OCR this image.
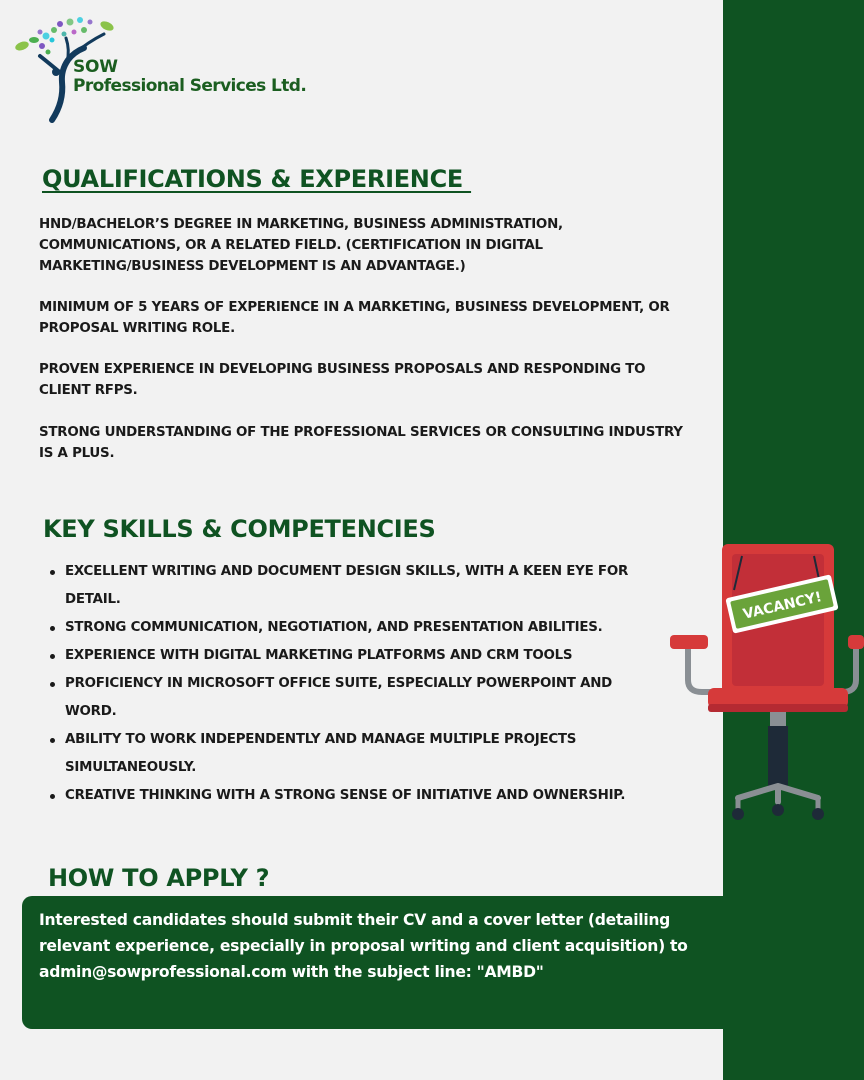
SOW
Professional Services Ltd.
QUALIFICATIONS & EXPERIENCE

HND/BACHELOR’S DEGREE IN MARKETING, BUSINESS ADMINISTRATION, COMMUNICATIONS, OR A RELATED FIELD. (CERTIFICATION IN DIGITAL MARKETING/BUSINESS DEVELOPMENT IS AN ADVANTAGE.)

MINIMUM OF 5 YEARS OF EXPERIENCE IN A MARKETING, BUSINESS DEVELOPMENT, OR PROPOSAL WRITING ROLE.

PROVEN EXPERIENCE IN DEVELOPING BUSINESS PROPOSALS AND RESPONDING TO CLIENT RFPS.

STRONG UNDERSTANDING OF THE PROFESSIONAL SERVICES OR CONSULTING INDUSTRY IS A PLUS.

KEY SKILLS & COMPETENCIES
EXCELLENT WRITING AND DOCUMENT DESIGN SKILLS, WITH A KEEN EYE FOR DETAIL.
STRONG COMMUNICATION, NEGOTIATION, AND PRESENTATION ABILITIES.
EXPERIENCE WITH DIGITAL MARKETING PLATFORMS AND CRM TOOLS
PROFICIENCY IN MICROSOFT OFFICE SUITE, ESPECIALLY POWERPOINT AND WORD.
ABILITY TO WORK INDEPENDENTLY AND MANAGE MULTIPLE PROJECTS SIMULTANEOUSLY.
CREATIVE THINKING WITH A STRONG SENSE OF INITIATIVE AND OWNERSHIP.
HOW TO APPLY ?

Interested candidates should submit their CV and a cover letter (detailing relevant experience, especially in proposal writing and client acquisition) to admin@sowprofessional.com with the subject line: "AMBD"

VACANCY!
